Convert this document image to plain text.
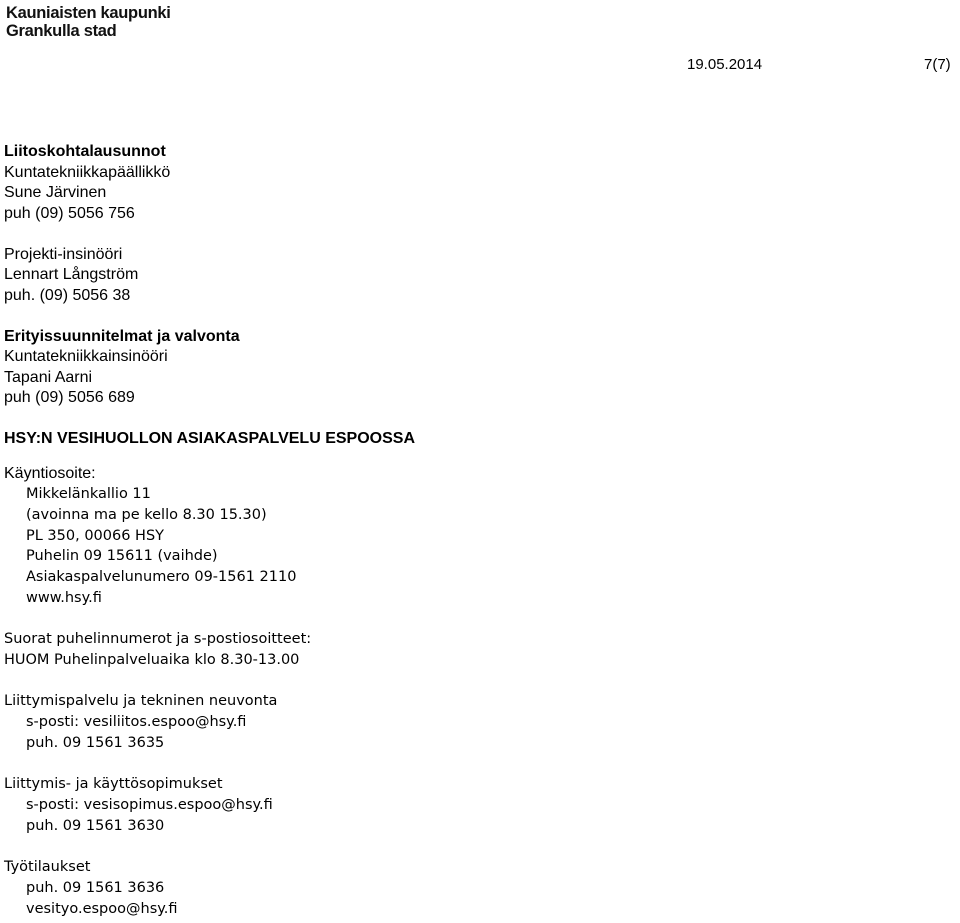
Kauniaisten kaupunki
Grankulla stad
19.05.2014	7(7)
Liitoskohtalausunnot
Kuntatekniikkapäällikkö
Sune Järvinen
puh (09) 5056 756
Projekti-insinööri
Lennart Långström
puh. (09) 5056 38
Erityissuunnitelmat ja valvonta
Kuntatekniikkainsinööri
Tapani Aarni
puh (09) 5056 689
HSY:N VESIHUOLLON ASIAKASPALVELU ESPOOSSA
Käyntiosoite:
Mikkelänkallio 11
(avoinna ma pe kello 8.30 15.30)
PL 350, 00066 HSY
Puhelin 09 15611 (vaihde)
Asiakaspalvelunumero 09-1561 2110
www.hsy.fi
Suorat puhelinnumerot ja s-postiosoitteet:
HUOM Puhelinpalveluaika klo 8.30-13.00
Liittymispalvelu ja tekninen neuvonta
s-posti: vesiliitos.espoo@hsy.fi
puh. 09 1561 3635
Liittymis- ja käyttösopimukset
s-posti: vesisopimus.espoo@hsy.fi
puh. 09 1561 3630
Työtilaukset
puh. 09 1561 3636
vesityo.espoo@hsy.fi
